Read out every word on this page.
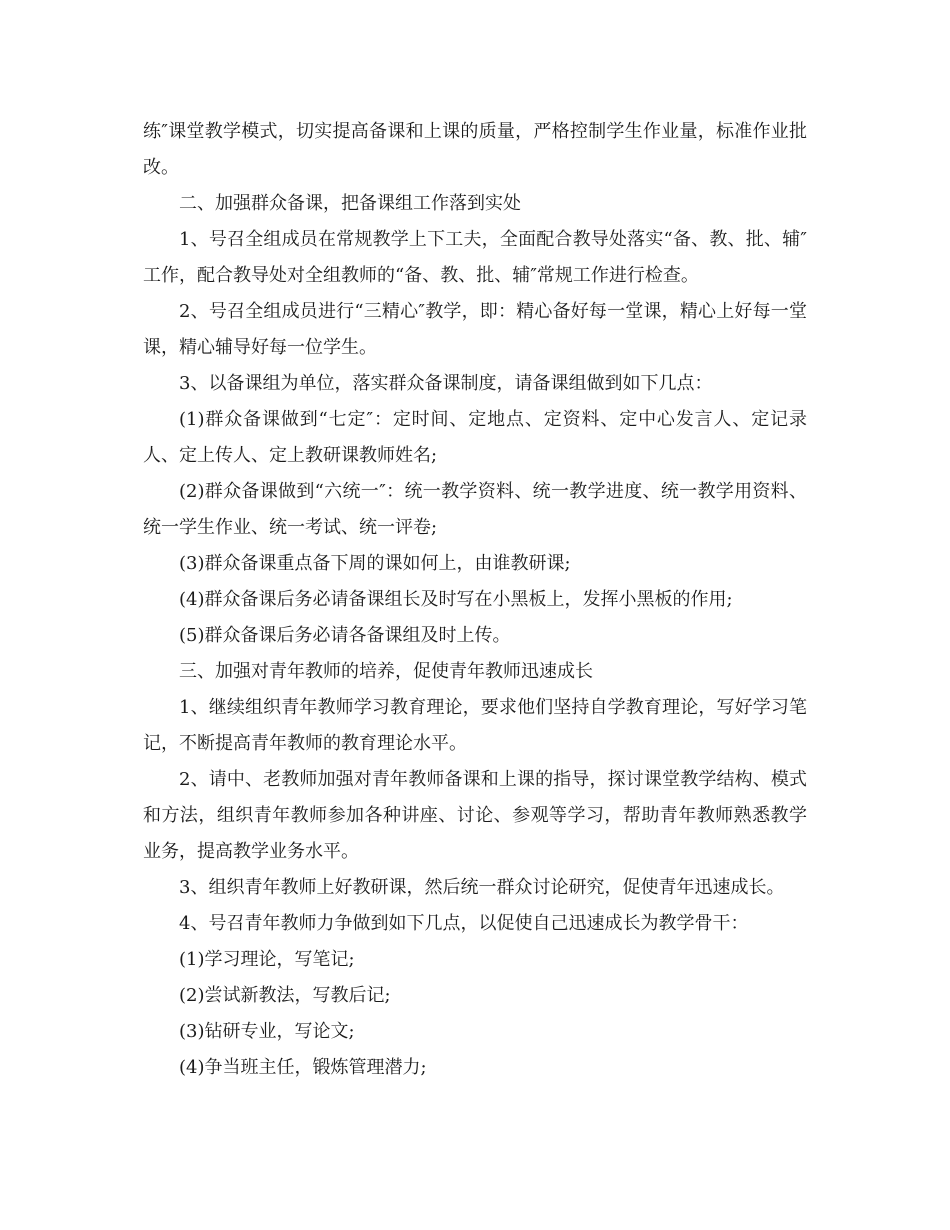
练″课堂教学模式，切实提高备课和上课的质量，严格控制学生作业量，标准作业批改。

二、加强群众备课，把备课组工作落到实处

1、号召全组成员在常规教学上下工夫，全面配合教导处落实“备、教、批、辅″工作，配合教导处对全组教师的“备、教、批、辅″常规工作进行检查。

2、号召全组成员进行“三精心″教学，即：精心备好每一堂课，精心上好每一堂课，精心辅导好每一位学生。

3、以备课组为单位，落实群众备课制度，请备课组做到如下几点：

(1)群众备课做到“七定″：定时间、定地点、定资料、定中心发言人、定记录人、定上传人、定上教研课教师姓名;

(2)群众备课做到“六统一″：统一教学资料、统一教学进度、统一教学用资料、统一学生作业、统一考试、统一评卷;

(3)群众备课重点备下周的课如何上，由谁教研课;

(4)群众备课后务必请备课组长及时写在小黑板上，发挥小黑板的作用;

(5)群众备课后务必请各备课组及时上传。

三、加强对青年教师的培养，促使青年教师迅速成长

1、继续组织青年教师学习教育理论，要求他们坚持自学教育理论，写好学习笔记，不断提高青年教师的教育理论水平。

2、请中、老教师加强对青年教师备课和上课的指导，探讨课堂教学结构、模式和方法，组织青年教师参加各种讲座、讨论、参观等学习，帮助青年教师熟悉教学业务，提高教学业务水平。

3、组织青年教师上好教研课，然后统一群众讨论研究，促使青年迅速成长。

4、号召青年教师力争做到如下几点，以促使自己迅速成长为教学骨干：

(1)学习理论，写笔记;

(2)尝试新教法，写教后记;

(3)钻研专业，写论文;

(4)争当班主任，锻炼管理潜力;
